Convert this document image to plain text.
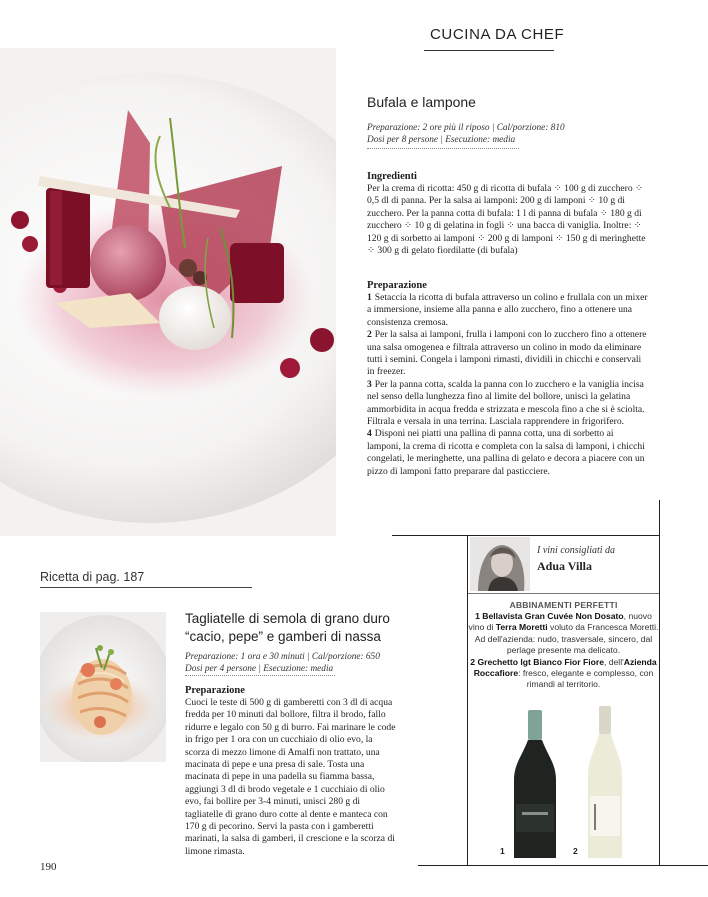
CUCINA DA CHEF
Bufala e lampone
Preparazione: 2 ore più il riposo | Cal/porzione: 810
Dosi per 8 persone | Esecuzione: media
Ingredienti
Per la crema di ricotta: 450 g di ricotta di bufala ⁘ 100 g di zucchero ⁘ 0,5 dl di panna. Per la salsa ai lamponi: 200 g di lamponi ⁘ 10 g di zucchero. Per la panna cotta di bufala: 1 l di panna di bufala ⁘ 180 g di zucchero ⁘ 10 g di gelatina in fogli ⁘ una bacca di vaniglia. Inoltre: ⁘ 120 g di sorbetto ai lamponi ⁘ 200 g di lamponi ⁘ 150 g di meringhette ⁘ 300 g di gelato fiordilatte (di bufala)
Preparazione

1 Setaccia la ricotta di bufala attraverso un colino e frullala con un mixer a immersione, insieme alla panna e allo zucchero, fino a ottenere una consistenza cremosa.

2 Per la salsa ai lamponi, frulla i lamponi con lo zucchero fino a ottenere una salsa omogenea e filtrala attraverso un colino in modo da eliminare tutti i semini. Congela i lamponi rimasti, dividili in chicchi e conservali in freezer.

3 Per la panna cotta, scalda la panna con lo zucchero e la vaniglia incisa nel senso della lunghezza fino al limite del bollore, unisci la gelatina ammorbidita in acqua fredda e strizzata e mescola fino a che si è sciolta. Filtrala e versala in una terrina. Lasciala rapprendere in frigorifero.

4 Disponi nei piatti una pallina di panna cotta, una di sorbetto ai lamponi, la crema di ricotta e completa con la salsa di lamponi, i chicchi congelati, le meringhette, una pallina di gelato e decora a piacere con un pizzo di lamponi fatto preparare dal pasticciere.

Ricetta di pag. 187
Tagliatelle di semola di grano duro
“cacio, pepe” e gamberi di nassa
Preparazione: 1 ora e 30 minuti | Cal/porzione: 650
Dosi per 4 persone | Esecuzione: media
Preparazione
Cuoci le teste di 500 g di gamberetti con 3 dl di acqua fredda per 10 minuti dal bollore, filtra il brodo, fallo ridurre e legalo con 50 g di burro. Fai marinare le code in frigo per 1 ora con un cucchiaio di olio evo, la scorza di mezzo limone di Amalfi non trattato, una macinata di pepe e una presa di sale. Tosta una macinata di pepe in una padella su fiamma bassa, aggiungi 3 dl di brodo vegetale e 1 cucchiaio di olio evo, fai bollire per 3-4 minuti, unisci 280 g di tagliatelle di grano duro cotte al dente e manteca con 170 g di pecorino. Servi la pasta con i gamberetti marinati, la salsa di gamberi, il crescione e la scorza di limone rimasta.
190
I vini consigliati da
Adua Villa
ABBINAMENTI PERFETTI
1 Bellavista Gran Cuvée Non Dosato, nuovo vino di Terra Moretti voluto da Francesca Moretti. Ad dell'azienda: nudo, trasversale, sincero, dal perlage presente ma delicato.
2 Grechetto Igt Bianco Fior Fiore, dell'Azienda Roccafiore: fresco, elegante e complesso, con rimandi al territorio.
1	2
